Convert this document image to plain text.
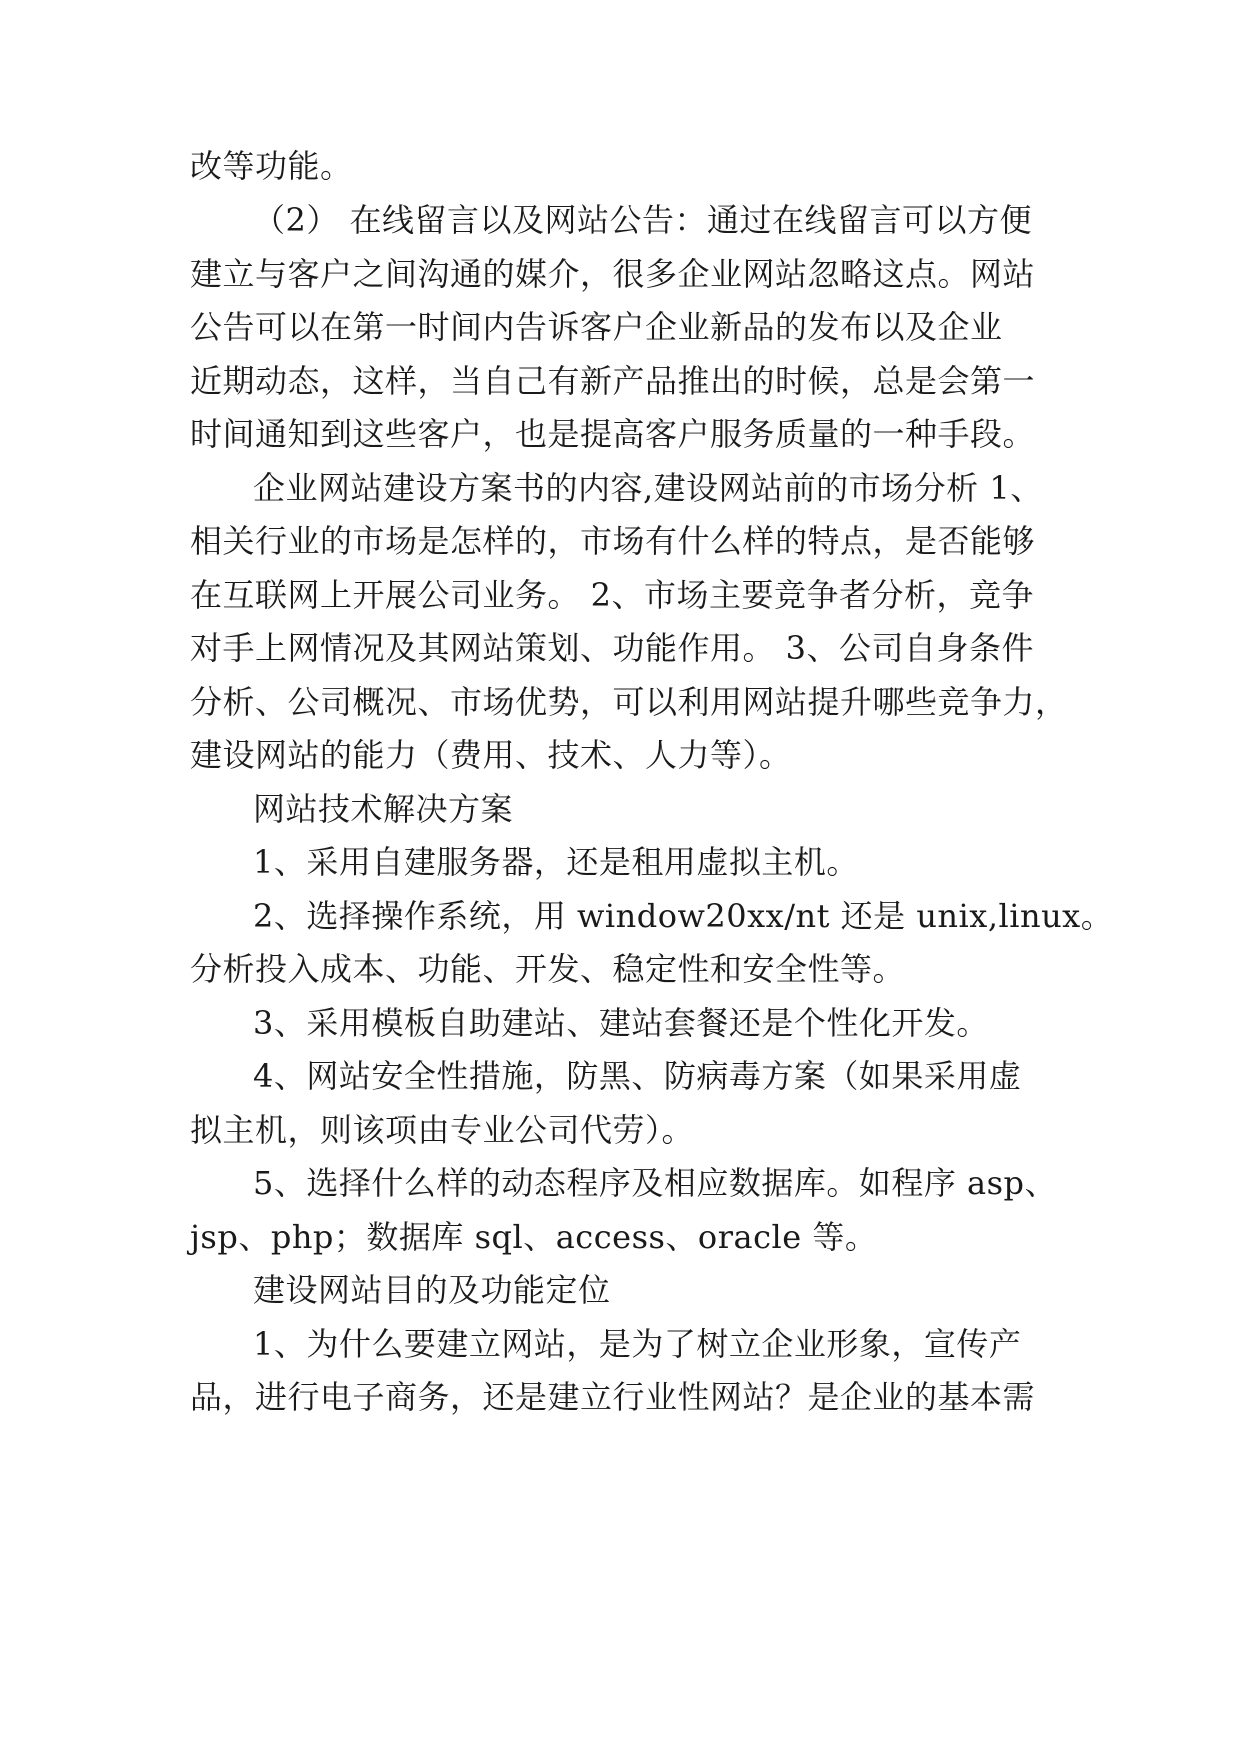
改等功能。
（2） 在线留言以及网站公告：通过在线留言可以方便
建立与客户之间沟通的媒介，很多企业网站忽略这点。网站
公告可以在第一时间内告诉客户企业新品的发布以及企业
近期动态，这样，当自己有新产品推出的时候，总是会第一
时间通知到这些客户，也是提高客户服务质量的一种手段。
企业网站建设方案书的内容,建设网站前的市场分析 1、
相关行业的市场是怎样的，市场有什么样的特点，是否能够
在互联网上开展公司业务。 2、市场主要竞争者分析，竞争
对手上网情况及其网站策划、功能作用。 3、公司自身条件
分析、公司概况、市场优势，可以利用网站提升哪些竞争力，
建设网站的能力（费用、技术、人力等）。
网站技术解决方案
1、采用自建服务器，还是租用虚拟主机。
2、选择操作系统，用 window20xx/nt 还是 unix,linux。
分析投入成本、功能、开发、稳定性和安全性等。
3、采用模板自助建站、建站套餐还是个性化开发。
4、网站安全性措施，防黑、防病毒方案（如果采用虚
拟主机，则该项由专业公司代劳）。
5、选择什么样的动态程序及相应数据库。如程序 asp、
jsp、php；数据库 sql、access、oracle 等。
建设网站目的及功能定位
1、为什么要建立网站，是为了树立企业形象，宣传产
品，进行电子商务，还是建立行业性网站？是企业的基本需
